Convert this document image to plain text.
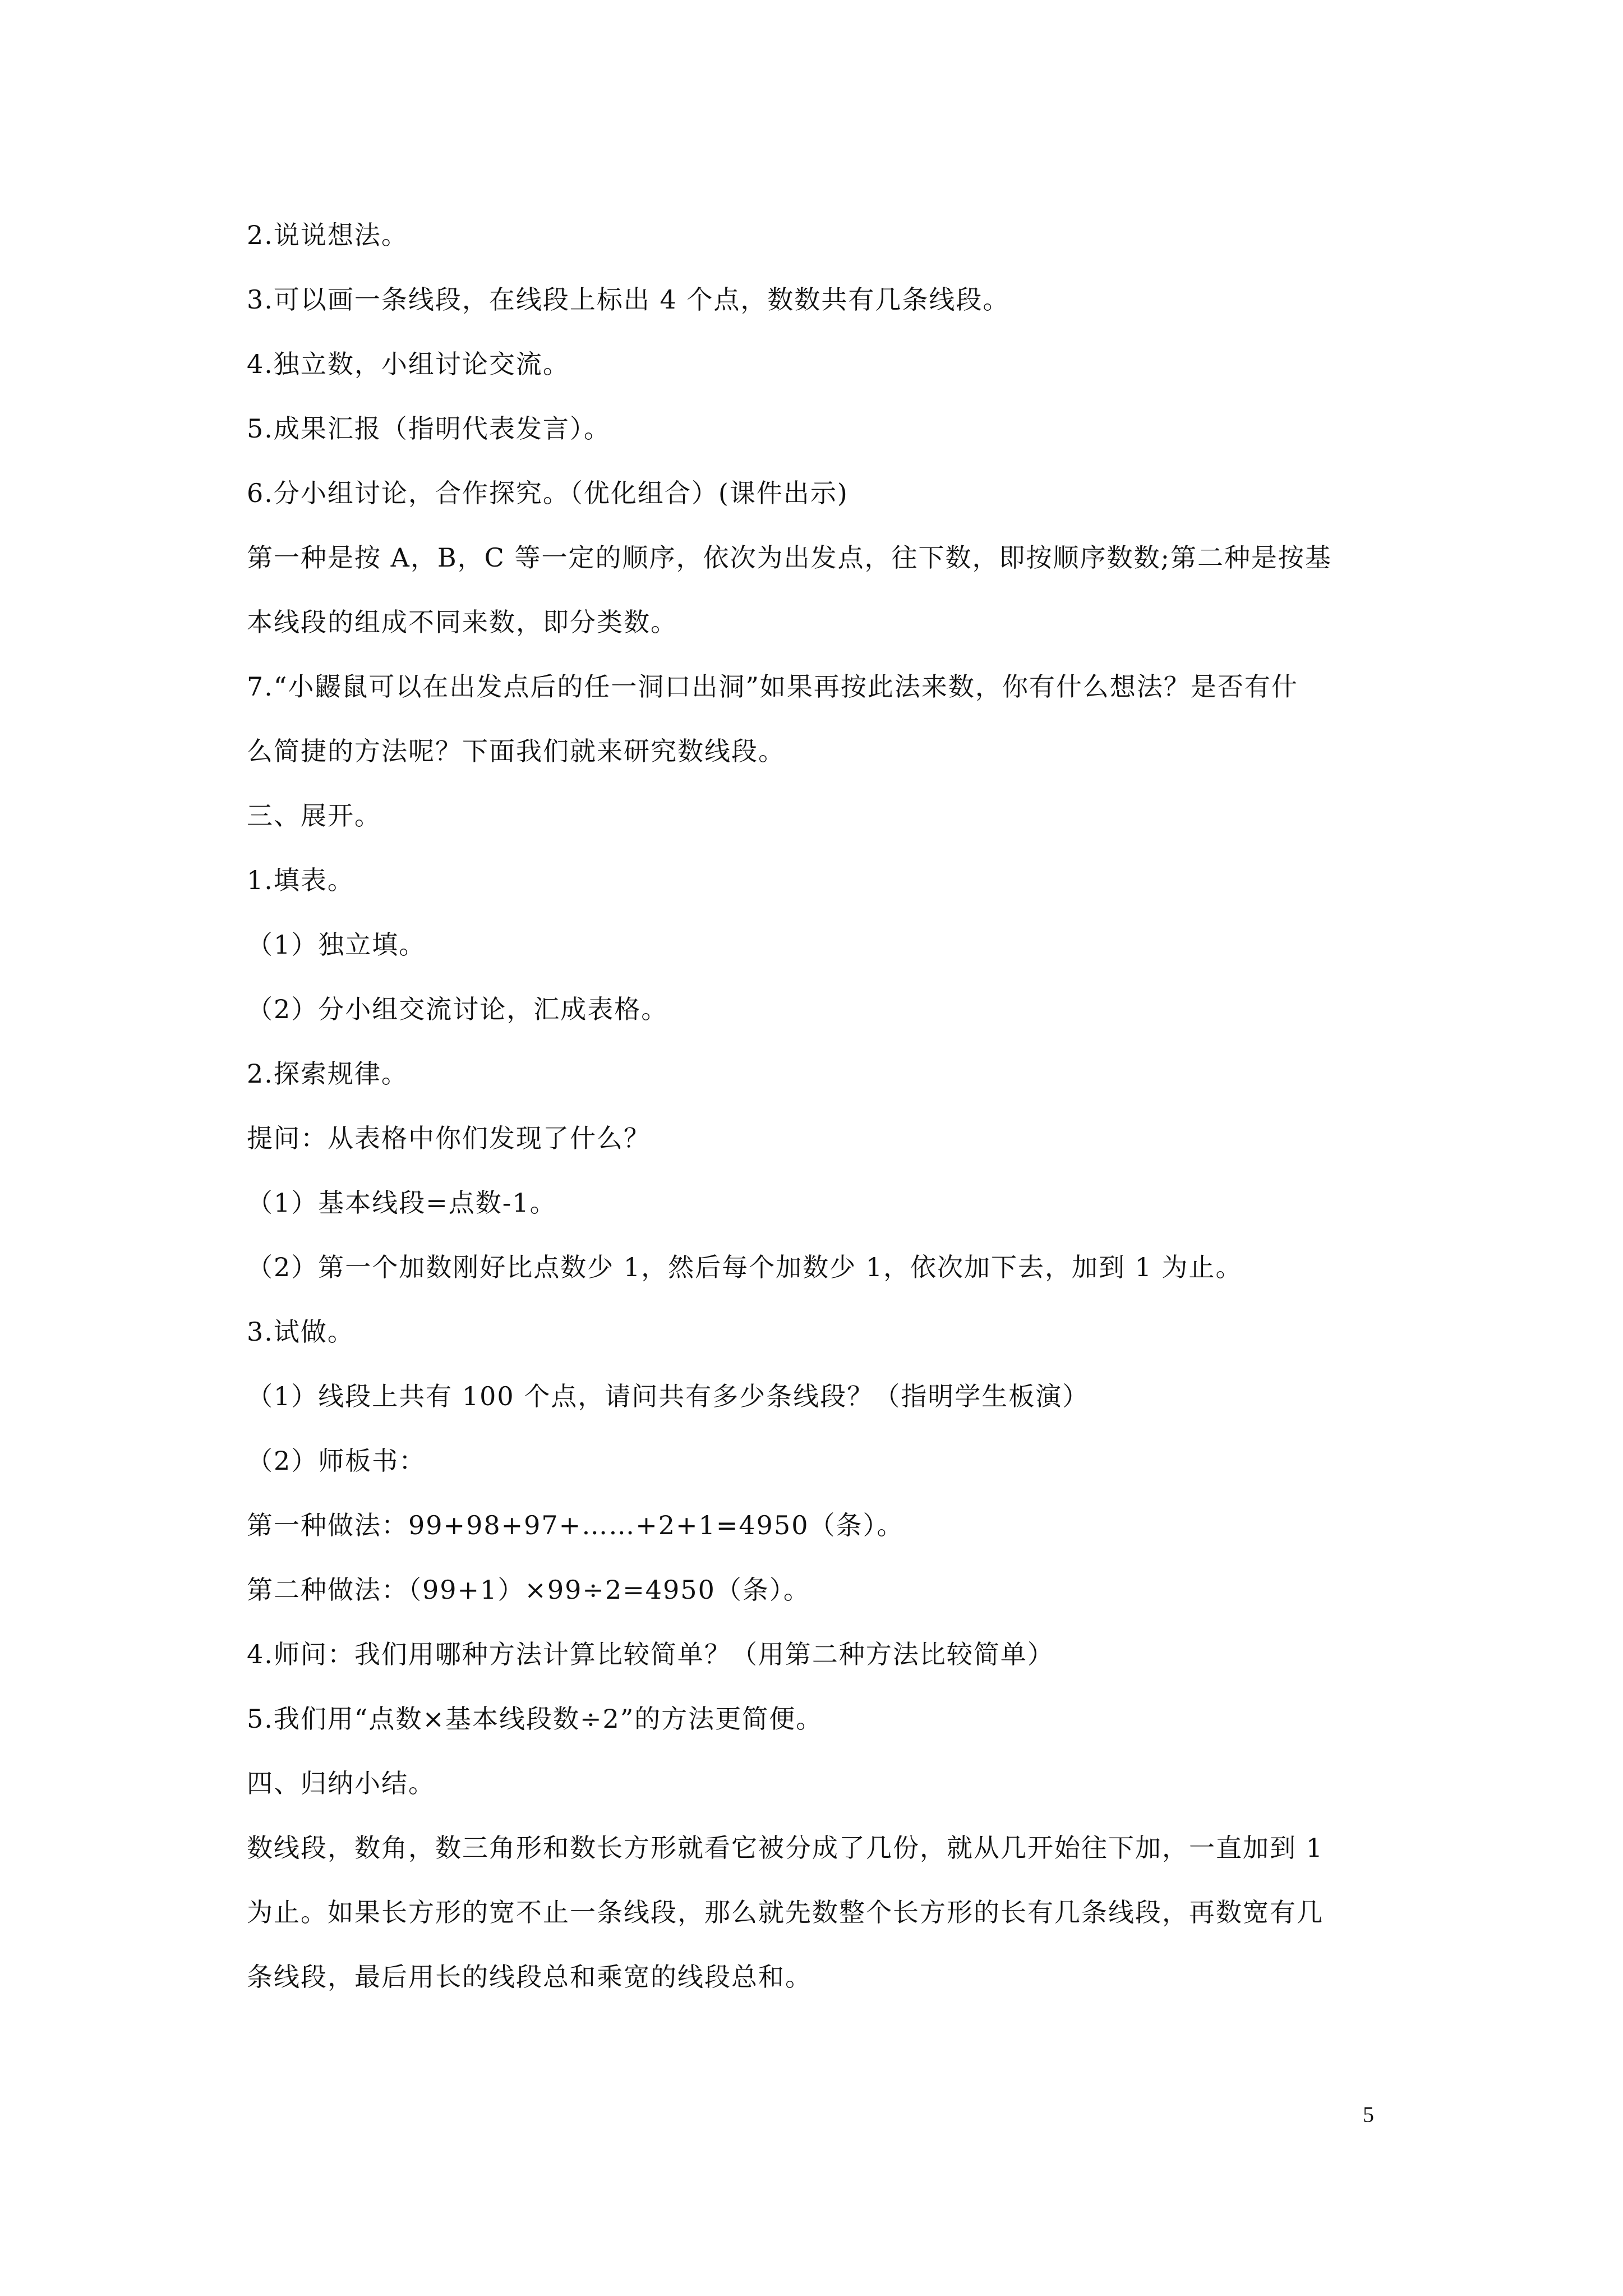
2.说说想法。
3.可以画一条线段，在线段上标出 4 个点，数数共有几条线段。
4.独立数，小组讨论交流。
5.成果汇报（指明代表发言）。
6.分小组讨论，合作探究。（优化组合）(课件出示)
第一种是按 A，B，C 等一定的顺序，依次为出发点，往下数，即按顺序数数;第二种是按基
本线段的组成不同来数，即分类数。
7.“小鼹鼠可以在出发点后的任一洞口出洞”如果再按此法来数，你有什么想法？是否有什
么简捷的方法呢？下面我们就来研究数线段。
三、展开。
1.填表。
（1）独立填。
（2）分小组交流讨论，汇成表格。
2.探索规律。
提问：从表格中你们发现了什么？
（1）基本线段=点数-1。
（2）第一个加数刚好比点数少 1，然后每个加数少 1，依次加下去，加到 1 为止。
3.试做。
（1）线段上共有 100 个点，请问共有多少条线段？（指明学生板演）
（2）师板书：
第一种做法：99+98+97+……+2+1=4950（条）。
第二种做法：（99+1）×99÷2=4950（条）。
4.师问：我们用哪种方法计算比较简单？（用第二种方法比较简单）
5.我们用“点数×基本线段数÷2”的方法更简便。
四、归纳小结。
数线段，数角，数三角形和数长方形就看它被分成了几份，就从几开始往下加，一直加到 1
为止。如果长方形的宽不止一条线段，那么就先数整个长方形的长有几条线段，再数宽有几
条线段，最后用长的线段总和乘宽的线段总和。
5
